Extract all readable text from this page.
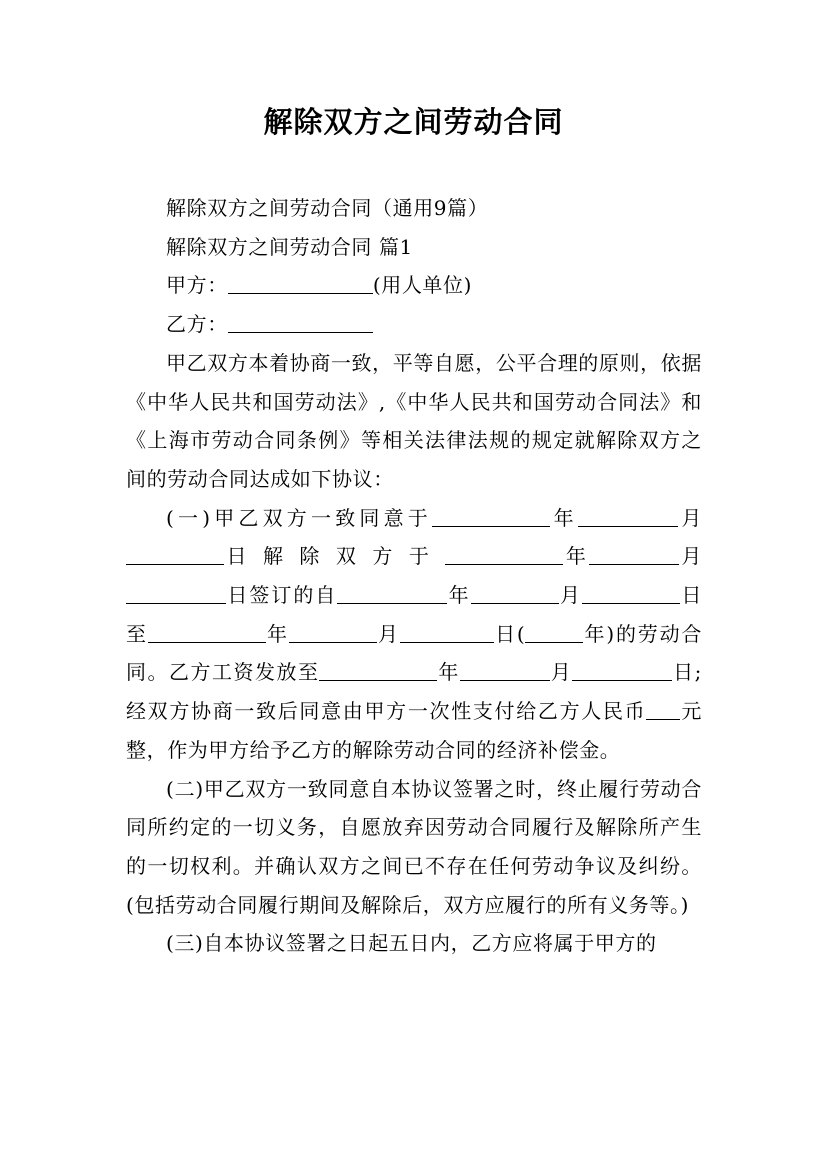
解除双方之间劳动合同

解除双方之间劳动合同（通用9篇）

解除双方之间劳动合同 篇1

甲方：	(用人单位)

乙方：

甲乙双方本着协商一致，平等自愿，公平合理的原则，依据《中华人民共和国劳动法》,《中华人民共和国劳动合同法》和《上海市劳动合同条例》等相关法律法规的规定就解除双方之间的劳动合同达成如下协议：

(一)甲乙双方一致同意于	年	月日解除双方于	年	月日签订的自	年	月	日至	年	月	日(	年)的劳动合同。乙方工资发放至	年	月	日;经双方协商一致后同意由甲方一次性支付给乙方人民币 元整，作为甲方给予乙方的解除劳动合同的经济补偿金。

(二)甲乙双方一致同意自本协议签署之时，终止履行劳动合同所约定的一切义务，自愿放弃因劳动合同履行及解除所产生的一切权利。并确认双方之间已不存在任何劳动争议及纠纷。(包括劳动合同履行期间及解除后，双方应履行的所有义务等。)

(三)自本协议签署之日起五日内，乙方应将属于甲方的
